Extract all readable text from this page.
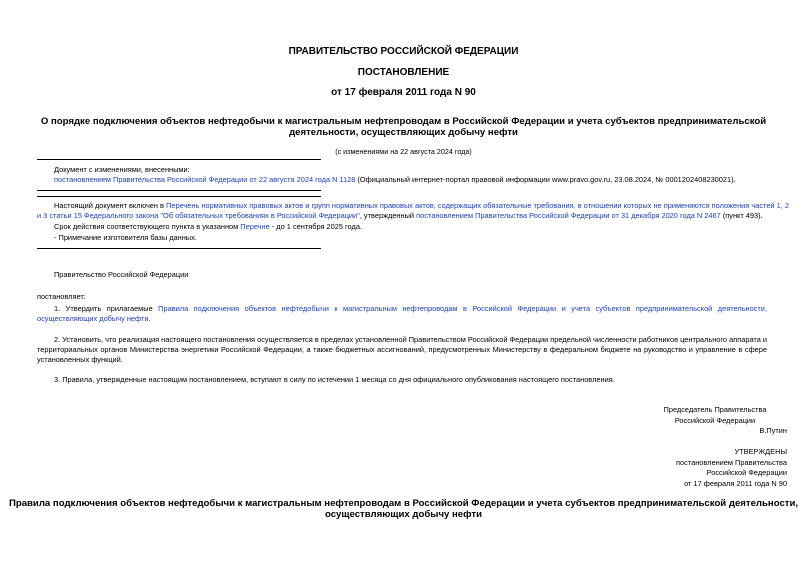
ПРАВИТЕЛЬСТВО РОССИЙСКОЙ ФЕДЕРАЦИИ
ПОСТАНОВЛЕНИЕ
от 17 февраля 2011 года N 90
О порядке подключения объектов нефтедобычи к магистральным нефтепроводам в Российской Федерации и учета субъектов предпринимательской
деятельности, осуществляющих добычу нефти
(с изменениями на 22 августа 2024 года)
Документ с изменениями, внесенными:
постановлением Правительства Российской Федерации от 22 августа 2024 года N 1128 (Официальный интернет-портал правовой информации www.pravo.gov.ru, 23.08.2024, № 0001202408230021).
Настоящий документ включен в Перечень нормативных правовых актов и групп нормативных правовых актов, содержащих обязательные требования, в отношении которых не применяются положения частей 1, 2
и 3 статьи 15 Федерального закона "Об обязательных требованиях в Российской Федерации", утвержденный постановлением Правительства Российской Федерации от 31 декабря 2020 года N 2467 (пункт 493).
Срок действия соответствующего пункта в указанном Перечне - до 1 сентября 2025 года.
- Примечание изготовителя базы данных.
Правительство Российской Федерации
постановляет:
1. Утвердить прилагаемые Правила подключения объектов нефтедобычи к магистральным нефтепроводам в Российской Федерации и учета субъектов предпринимательской деятельности, осуществляющих добычу нефти.
2. Установить, что реализация настоящего постановления осуществляется в пределах установленной Правительством Российской Федерации предельной численности работников центрального аппарата и территориальных органов Министерства энергетики Российской Федерации, а также бюджетных ассигнований, предусмотренных Министерству в федеральном бюджете на руководство и управление в сфере установленных функций.
3. Правила, утвержденные настоящим постановлением, вступают в силу по истечении 1 месяца со дня официального опубликования настоящего постановления.
Председатель Правительства
Российской Федерации
В.Путин
УТВЕРЖДЕНЫ
постановлением Правительства
Российской Федерации
от 17 февраля 2011 года N 90
Правила подключения объектов нефтедобычи к магистральным нефтепроводам в Российской Федерации и учета субъектов предпринимательской деятельности,
осуществляющих добычу нефти
